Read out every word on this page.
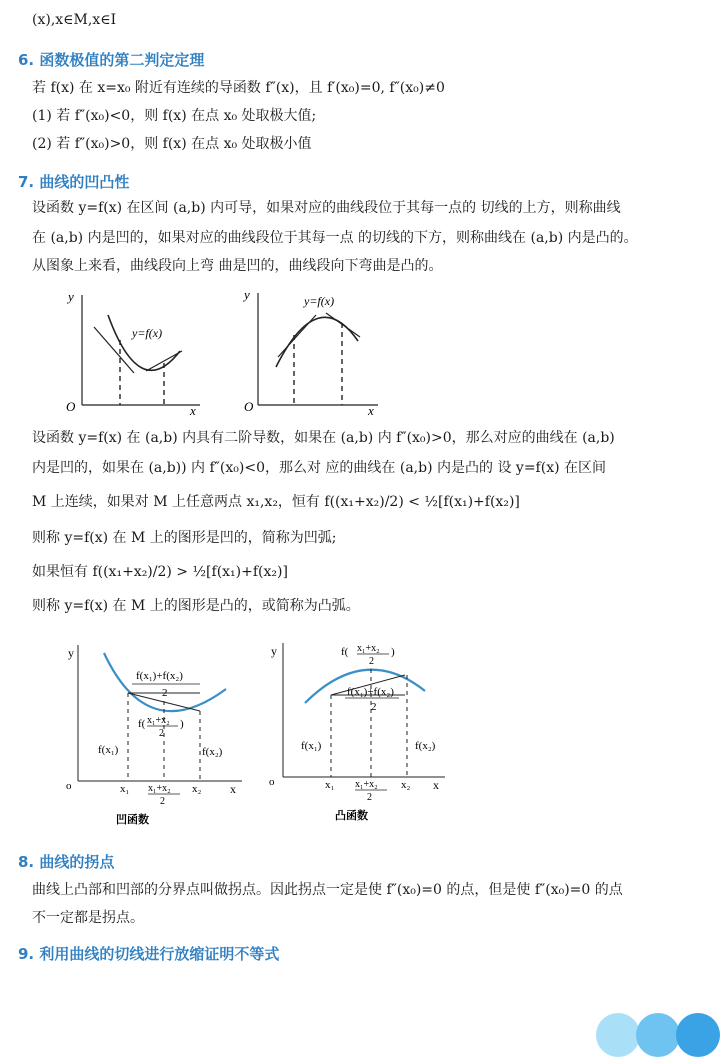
(x),x∈M,x∈I
6. 函数极值的第二判定定理
若 f(x) 在 x=x₀ 附近有连续的导函数 f″(x)，且 f′(x₀)=0, f″(x₀)≠0
(1) 若 f″(x₀)<0，则 f(x) 在点 x₀ 处取极大值;
(2) 若 f″(x₀)>0，则 f(x) 在点 x₀ 处取极小值
7. 曲线的凹凸性
设函数 y=f(x) 在区间 (a,b) 内可导，如果对应的曲线段位于其每一点的 切线的上方，则称曲线
在 (a,b) 内是凹的，如果对应的曲线段位于其每一点 的切线的下方，则称曲线在 (a,b) 内是凸的。
从图象上来看，曲线段向上弯 曲是凹的，曲线段向下弯曲是凸的。
y
x
O
y=f(x)
y
x
O
y=f(x)
设函数 y=f(x) 在 (a,b) 内具有二阶导数，如果在 (a,b) 内 f″(x₀)>0，那么对应的曲线在 (a,b)
内是凹的，如果在 (a,b)) 内 f″(x₀)<0，那么对 应的曲线在 (a,b) 内是凸的 设 y=f(x) 在区间
M 上连续，如果对 M 上任意两点 x₁,x₂，恒有 f((x₁+x₂)/2) < ½[f(x₁)+f(x₂)]
则称 y=f(x) 在 M 上的图形是凹的，简称为凹弧;
如果恒有 f((x₁+x₂)/2) > ½[f(x₁)+f(x₂)]
则称 y=f(x) 在 M 上的图形是凸的，或简称为凸弧。
y
x
o
f(x₁)+f(x₂)
2
f( x₁+x₂
2
)
f(x₁)	f(x₂)
x₁ x₁+x₂
2
x₂
凹函数
y
x
o
f( x₁+x₂
2
)
f(x₁)+f(x₂)
2
f(x₁)	f(x₂)
x₁ x₁+x₂
2
x₂
凸函数
8. 曲线的拐点
曲线上凸部和凹部的分界点叫做拐点。因此拐点一定是使 f″(x₀)=0 的点，但是使 f″(x₀)=0 的点
不一定都是拐点。
9. 利用曲线的切线进行放缩证明不等式
